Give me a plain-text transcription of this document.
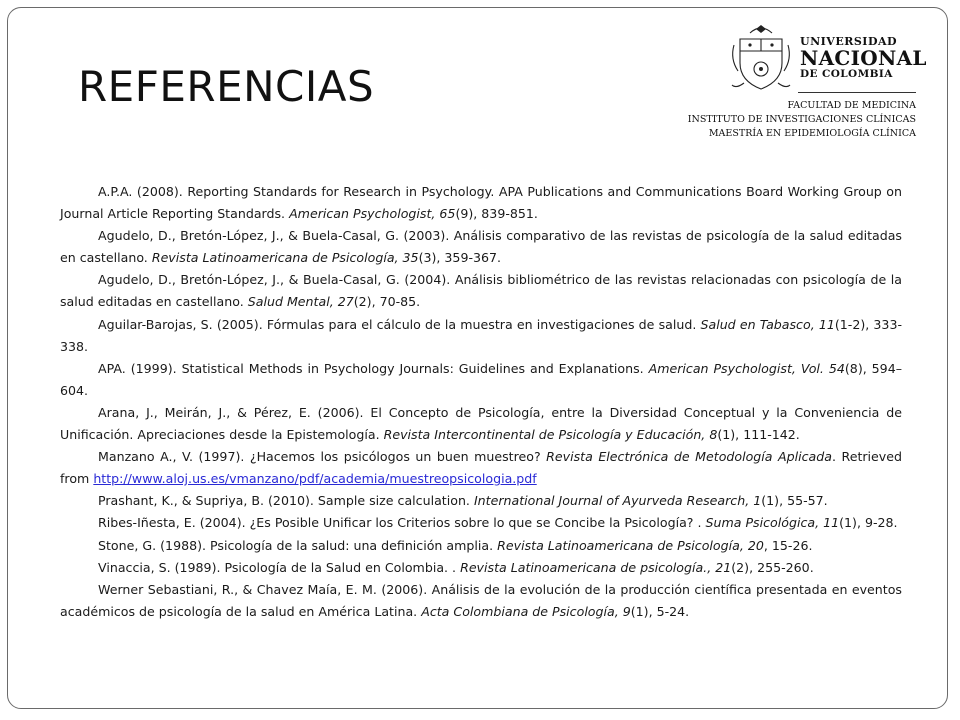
REFERENCIAS
UNIVERSIDAD
NACIONAL
DE COLOMBIA
FACULTAD DE MEDICINA
INSTITUTO DE INVESTIGACIONES CLÍNICAS
MAESTRÍA EN EPIDEMIOLOGÍA CLÍNICA

A.P.A. (2008). Reporting Standards for Research in Psychology. APA Publications and Communications Board Working Group on Journal Article Reporting Standards. American Psychologist, 65(9), 839-851.

Agudelo, D., Bretón-López, J., & Buela-Casal, G. (2003). Análisis comparativo de las revistas de psicología de la salud editadas en castellano. Revista Latinoamericana de Psicología, 35(3), 359-367.

Agudelo, D., Bretón-López, J., & Buela-Casal, G. (2004). Análisis bibliométrico de las revistas relacionadas con psicología de la salud editadas en castellano. Salud Mental, 27(2), 70-85.

Aguilar-Barojas, S. (2005). Fórmulas para el cálculo de la muestra en investigaciones de salud. Salud en Tabasco, 11(1-2), 333-338.

APA. (1999). Statistical Methods in Psychology Journals: Guidelines and Explanations. American Psychologist, Vol. 54(8), 594–604.

Arana, J., Meirán, J., & Pérez, E. (2006). El Concepto de Psicología, entre la Diversidad Conceptual y la Conveniencia de Unificación. Apreciaciones desde la Epistemología. Revista Intercontinental de Psicología y Educación, 8(1), 111-142.

Manzano A., V. (1997). ¿Hacemos los psicólogos un buen muestreo? Revista Electrónica de Metodología Aplicada. Retrieved from http://www.aloj.us.es/vmanzano/pdf/academia/muestreopsicologia.pdf

Prashant, K., & Supriya, B. (2010). Sample size calculation. International Journal of Ayurveda Research, 1(1), 55-57.

Ribes-Iñesta, E. (2004). ¿Es Posible Unificar los Criterios sobre lo que se Concibe la Psicología? . Suma Psicológica, 11(1), 9-28.

Stone, G. (1988). Psicología de la salud: una definición amplia. Revista Latinoamericana de Psicología, 20, 15-26.

Vinaccia, S. (1989). Psicología de la Salud en Colombia. . Revista Latinoamericana de psicología., 21(2), 255-260.

Werner Sebastiani, R., & Chavez Maía, E. M. (2006). Análisis de la evolución de la producción científica presentada en eventos académicos de psicología de la salud en América Latina. Acta Colombiana de Psicología, 9(1), 5-24.
